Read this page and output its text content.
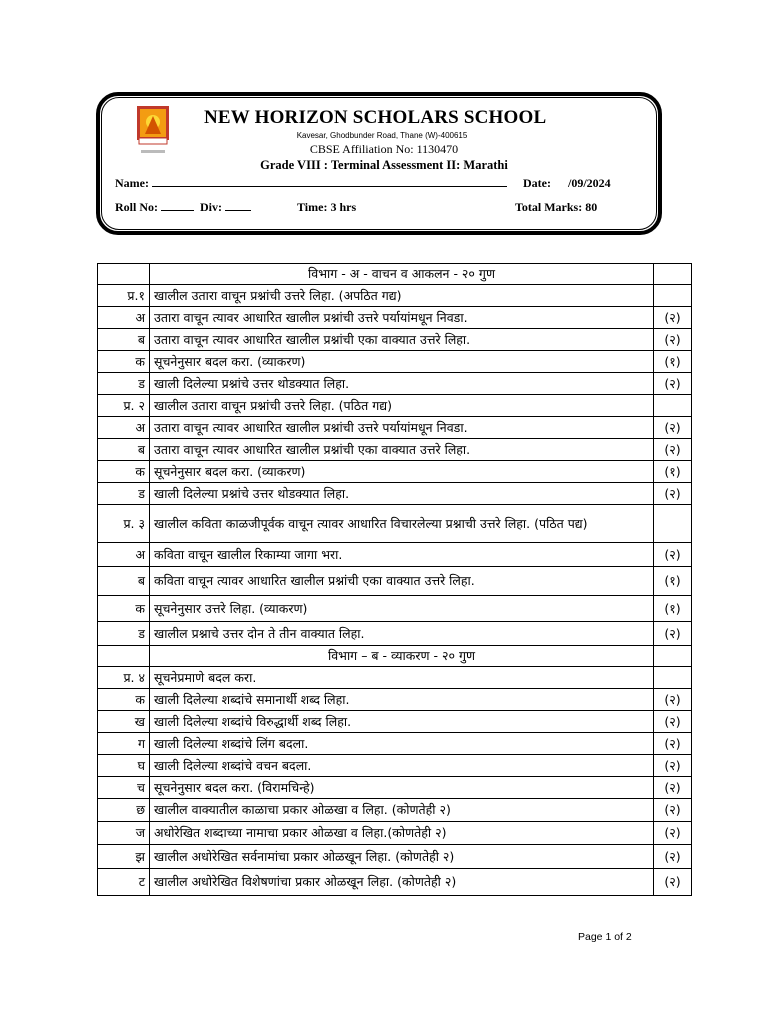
NEW HORIZON SCHOLARS SCHOOL
Kavesar, Ghodbunder Road, Thane (W)-400615
CBSE Affiliation No: 1130470
Grade VIII : Terminal Assessment II: Marathi
Name:	Date: /09/2024
Roll No:	Div:	Time: 3 hrs	Total Marks: 80
	विभाग - अ - वाचन व आकलन - २० गुण	
प्र.१	खालील उतारा वाचून प्रश्नांची उत्तरे लिहा. (अपठित गद्य)	
अ	उतारा वाचून त्यावर आधारित खालील प्रश्नांची उत्तरे पर्यायांमधून निवडा.	(२)
ब	उतारा वाचून त्यावर आधारित खालील प्रश्नांची एका वाक्यात उत्तरे लिहा.	(२)
क	सूचनेनुसार बदल करा. (व्याकरण)	(१)
ड	खाली दिलेल्या प्रश्नांचे उत्तर थोडक्यात लिहा.	(२)
प्र. २	खालील उतारा वाचून प्रश्नांची उत्तरे लिहा. (पठित गद्य)	
अ	उतारा वाचून त्यावर आधारित खालील प्रश्नांची उत्तरे पर्यायांमधून निवडा.	(२)
ब	उतारा वाचून त्यावर आधारित खालील प्रश्नांची एका वाक्यात उत्तरे लिहा.	(२)
क	सूचनेनुसार बदल करा. (व्याकरण)	(१)
ड	खाली दिलेल्या प्रश्नांचे उत्तर थोडक्यात लिहा.	(२)
प्र. ३	खालील कविता काळजीपूर्वक वाचून त्यावर आधारित विचारलेल्या प्रश्नाची उत्तरे लिहा. (पठित पद्य)	
अ	कविता वाचून खालील रिकाम्या जागा भरा.	(२)
ब	कविता वाचून त्यावर आधारित खालील प्रश्नांची एका वाक्यात उत्तरे लिहा.	(१)
क	सूचनेनुसार उत्तरे लिहा. (व्याकरण)	(१)
ड	खालील प्रश्नाचे उत्तर दोन ते तीन वाक्यात लिहा.	(२)
	विभाग – ब - व्याकरण - २० गुण	
प्र. ४	सूचनेप्रमाणे बदल करा.	
क	खाली दिलेल्या शब्दांचे समानार्थी शब्द लिहा.	(२)
ख	खाली दिलेल्या शब्दांचे विरुद्धार्थी शब्द लिहा.	(२)
ग	खाली दिलेल्या शब्दांचे लिंग बदला.	(२)
घ	खाली दिलेल्या शब्दांचे वचन बदला.	(२)
च	सूचनेनुसार बदल करा. (विरामचिन्हे)	(२)
छ	खालील वाक्यातील काळाचा प्रकार ओळखा व लिहा. (कोणतेही २)	(२)
ज	अधोरेखित शब्दाच्या नामाचा प्रकार ओळखा व लिहा.(कोणतेही २)	(२)
झ	खालील अधोरेखित सर्वनामांचा प्रकार ओळखून लिहा. (कोणतेही २)	(२)
ट	खालील अधोरेखित विशेषणांचा प्रकार ओळखून लिहा. (कोणतेही २)	(२)
Page 1 of 2
